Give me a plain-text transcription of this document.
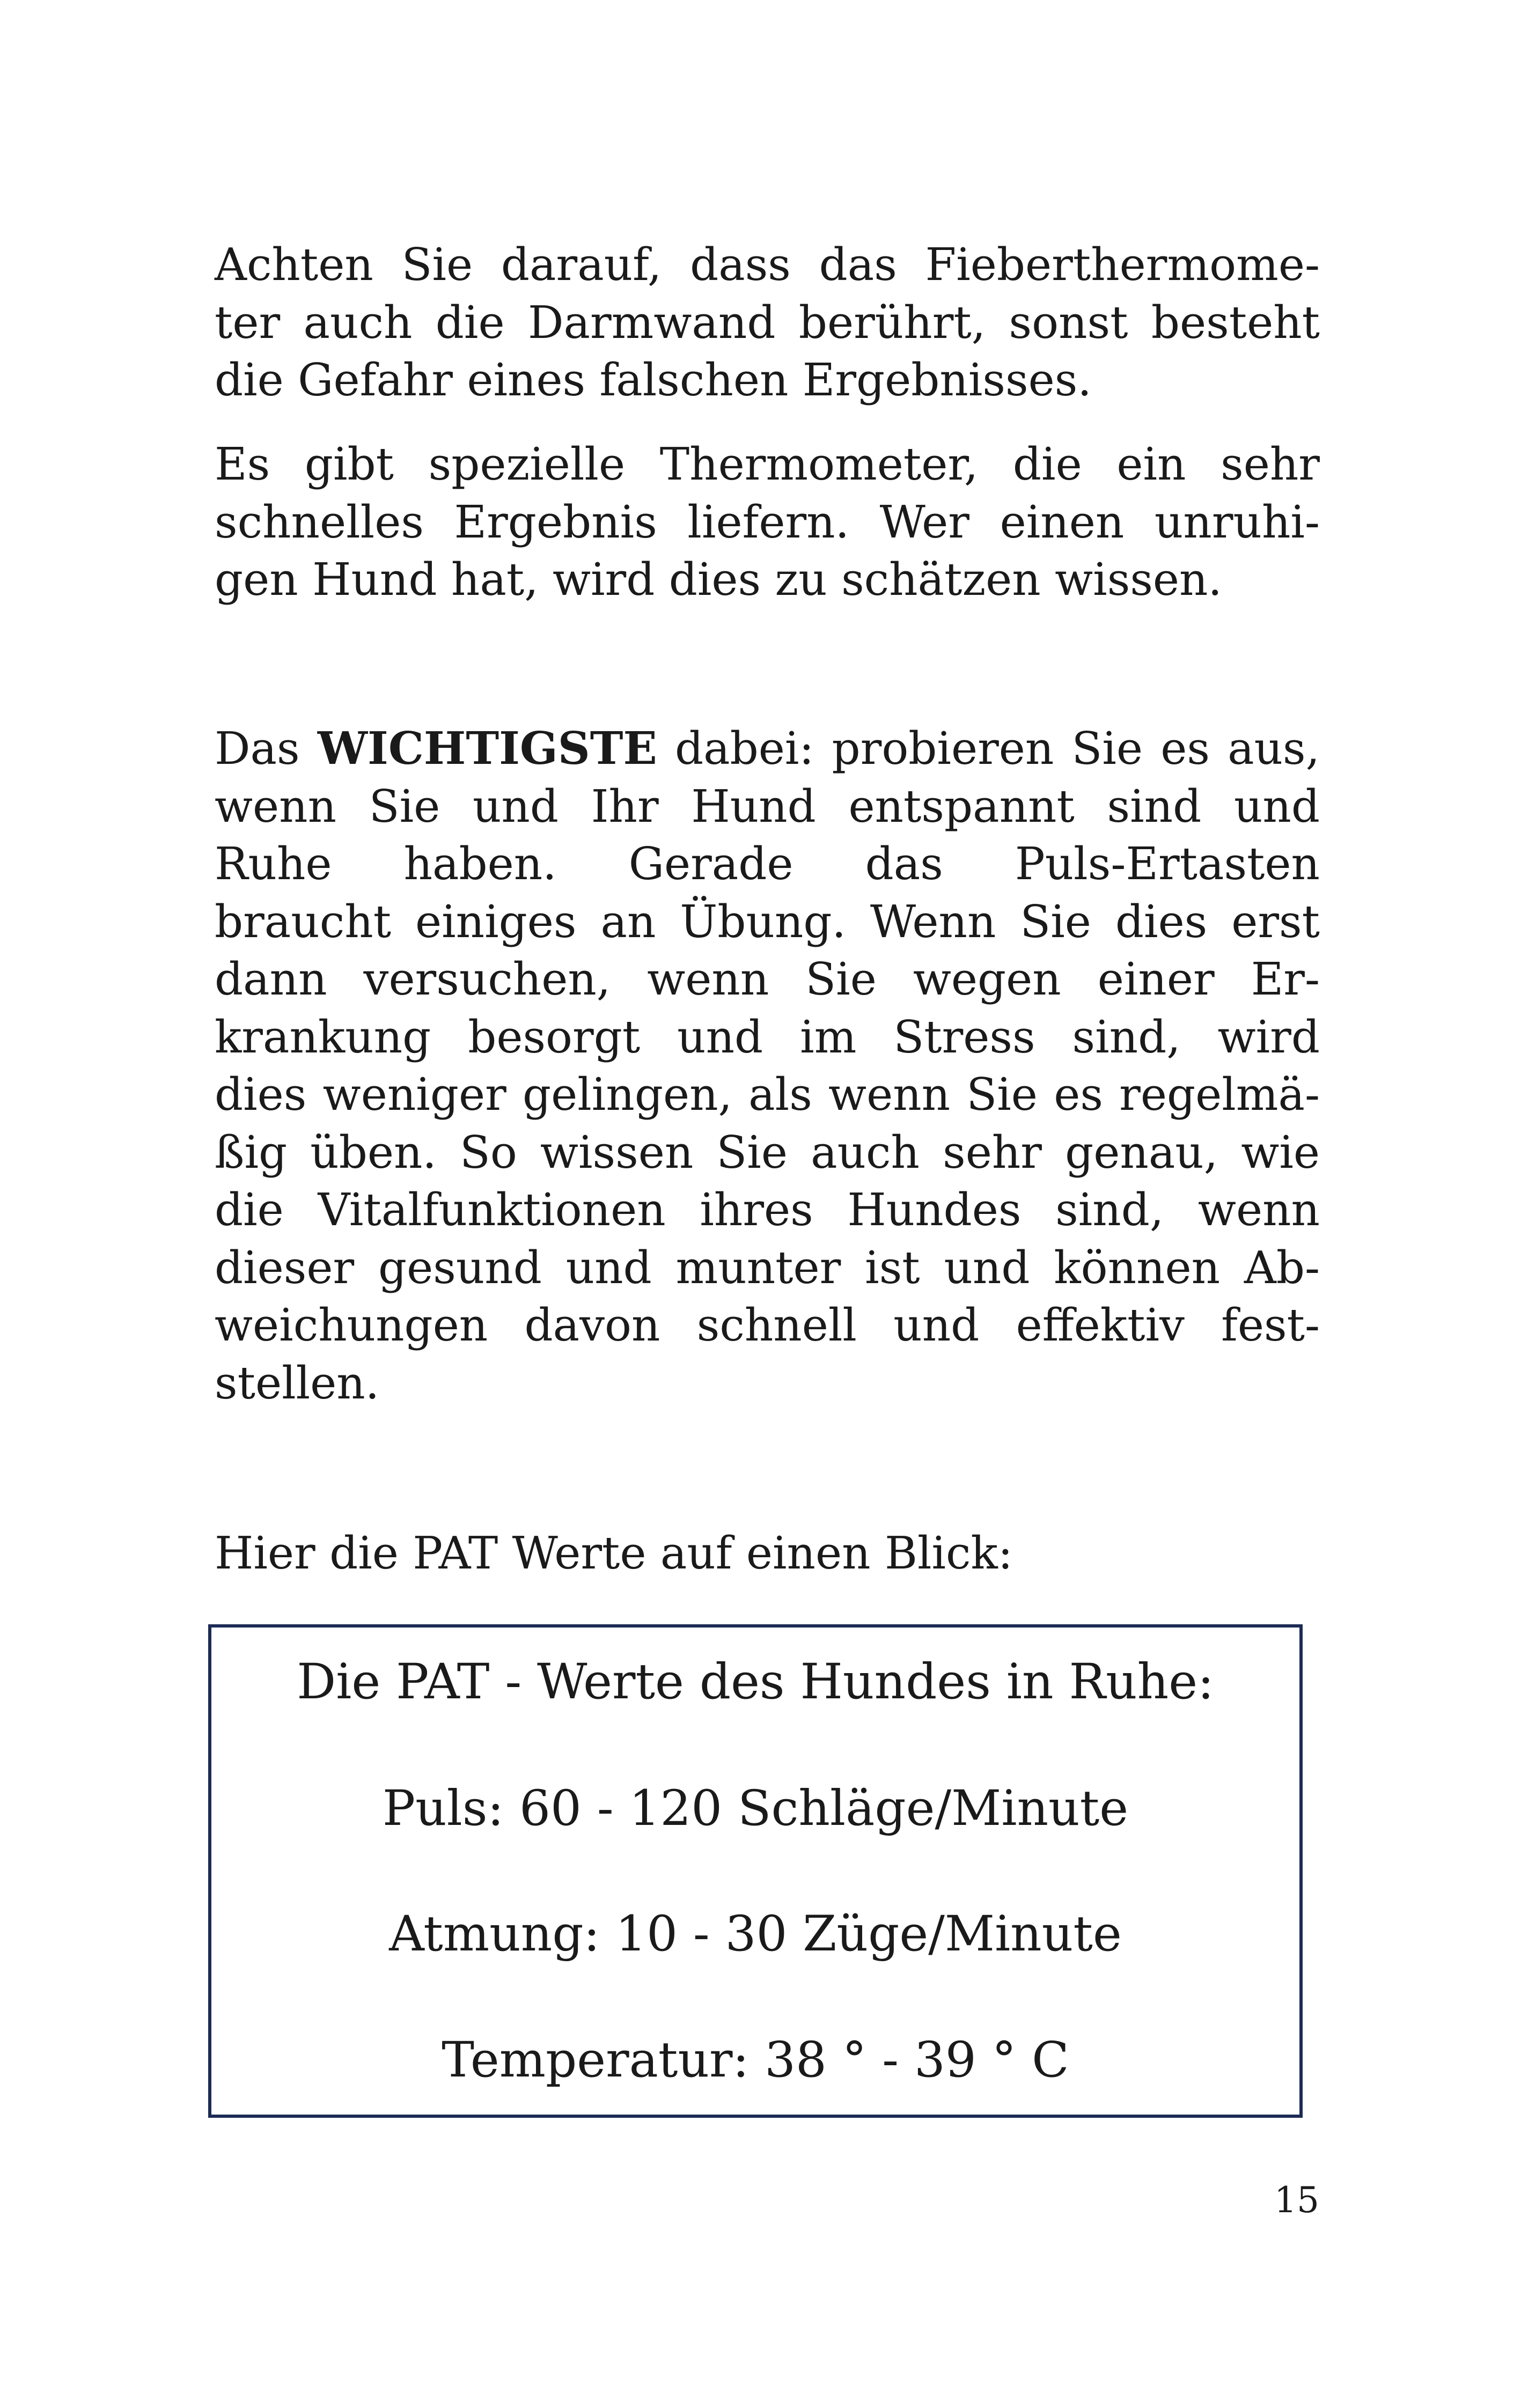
Achten Sie darauf, dass das Fieberthermome-
ter auch die Darmwand berührt, sonst besteht
die Gefahr eines falschen Ergebnisses.

Es gibt spezielle Thermometer, die ein sehr
schnelles Ergebnis liefern. Wer einen unruhi-
gen Hund hat, wird dies zu schätzen wissen.

Das WICHTIGSTE dabei: probieren Sie es aus,
wenn Sie und Ihr Hund entspannt sind und
Ruhe haben. Gerade das Puls-Ertasten
braucht einiges an Übung. Wenn Sie dies erst
dann versuchen, wenn Sie wegen einer Er-
krankung besorgt und im Stress sind, wird
dies weniger gelingen, als wenn Sie es regelmä-
ßig üben. So wissen Sie auch sehr genau, wie
die Vitalfunktionen ihres Hundes sind, wenn
dieser gesund und munter ist und können Ab-
weichungen davon schnell und effektiv fest-
stellen.

Hier die PAT Werte auf einen Blick:

Die PAT - Werte des Hundes in Ruhe:
Puls: 60 - 120 Schläge/Minute
Atmung: 10 - 30 Züge/Minute
Temperatur: 38 ° - 39 ° C
15
